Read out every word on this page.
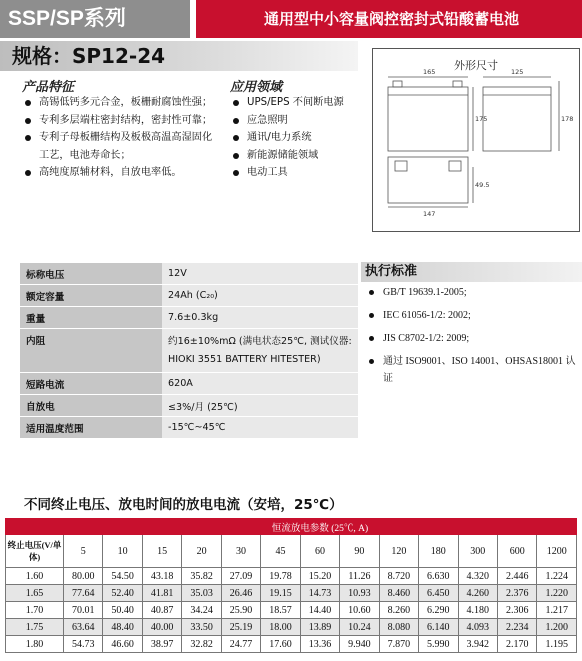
SSP/SP系列	通用型中小容量阀控密封式铅酸蓄电池
规格：SP12-24
产品特征
高锡低钙多元合金，板栅耐腐蚀性强；
专利多层端柱密封结构，密封性可靠；
专利子母板栅结构及板极高温高湿固化工艺，电池寿命长；
高纯度原辅材料，自放电率低。
应用领域
UPS/EPS 不间断电源
应急照明
通讯/电力系统
新能源储能领域
电动工具
外形尺寸
165	125
175	178
49.5
147
标称电压	12V
额定容量	24Ah (C₂₀)
重量	7.6±0.3kg
内阻	约16±10%mΩ (满电状态25℃, 测试仪器: HIOKI 3551 BATTERY HITESTER)
短路电流	620A
自放电	≤3%/月 (25℃)
适用温度范围	-15℃~45℃
执行标准
GB/T 19639.1-2005;
IEC 61056-1/2: 2002;
JIS C8702-1/2: 2009;
通过 ISO9001、ISO 14001、OHSAS18001 认证
不同终止电压、放电时间的放电电流（安培，25℃）
	恒流放电参数 (25℃, A)												
终止电压(V/单体)	5	10	15	20	30	45	60	90	120	180	300	600	1200
1.60	80.00	54.50	43.18	35.82	27.09	19.78	15.20	11.26	8.720	6.630	4.320	2.446	1.224
1.65	77.64	52.40	41.81	35.03	26.46	19.15	14.73	10.93	8.460	6.450	4.260	2.376	1.220
1.70	70.01	50.40	40.87	34.24	25.90	18.57	14.40	10.60	8.260	6.290	4.180	2.306	1.217
1.75	63.64	48.40	40.00	33.50	25.19	18.00	13.89	10.24	8.080	6.140	4.093	2.234	1.200
1.80	54.73	46.60	38.97	32.82	24.77	17.60	13.36	9.940	7.870	5.990	3.942	2.170	1.195
